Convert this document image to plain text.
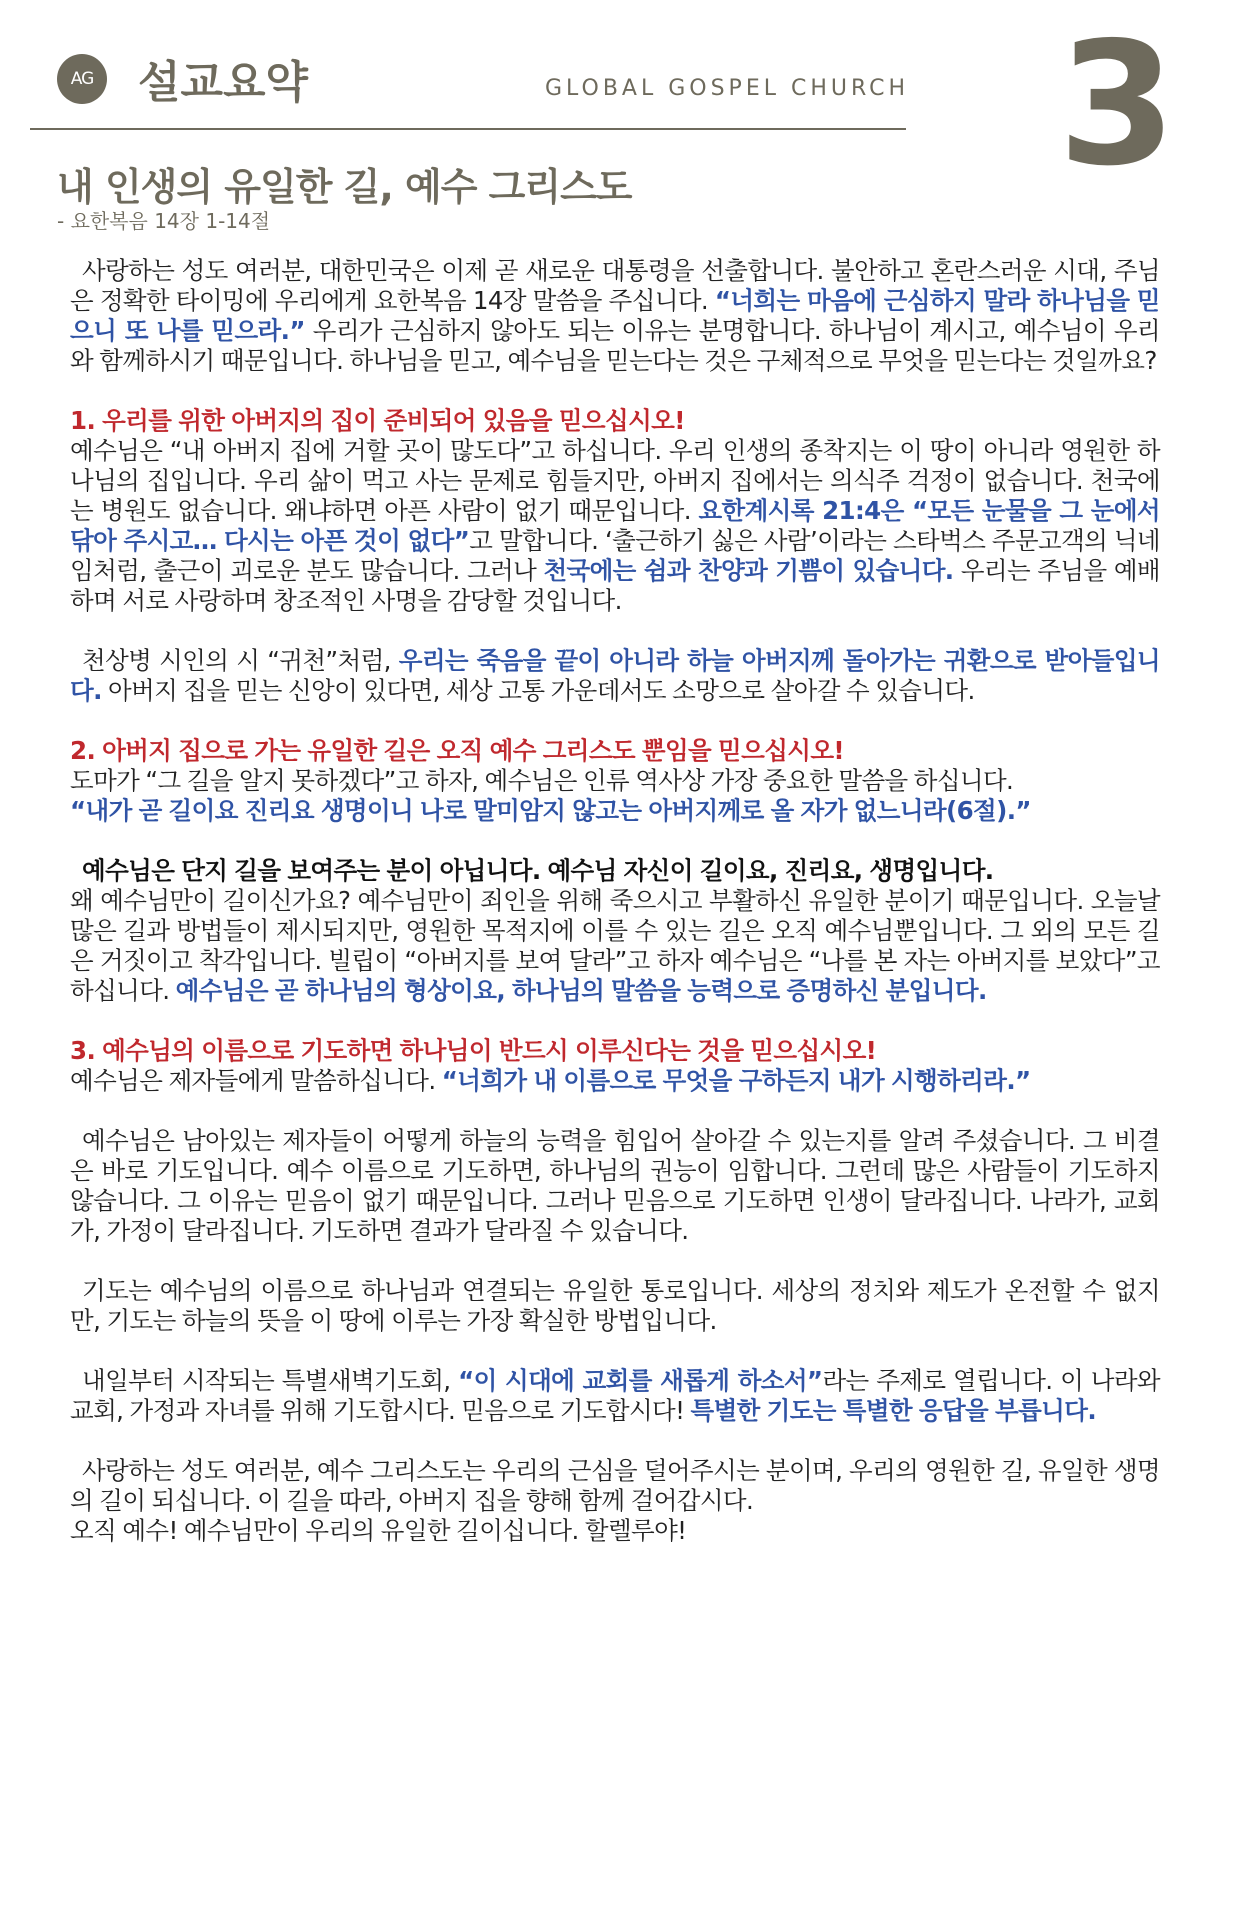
AG	설교요약	GLOBAL GOSPEL CHURCH 3
내 인생의 유일한 길, 예수 그리스도
- 요한복음 14장 1-14절

사랑하는 성도 여러분, 대한민국은 이제 곧 새로운 대통령을 선출합니다. 불안하고 혼란스러운 시대, 주님은 정확한 타이밍에 우리에게 요한복음 14장 말씀을 주십니다. “너희는 마음에 근심하지 말라 하나님을 믿으니 또 나를 믿으라.” 우리가 근심하지 않아도 되는 이유는 분명합니다. 하나님이 계시고, 예수님이 우리와 함께하시기 때문입니다. 하나님을 믿고, 예수님을 믿는다는 것은 구체적으로 무엇을 믿는다는 것일까요?

1. 우리를 위한 아버지의 집이 준비되어 있음을 믿으십시오!

예수님은 “내 아버지 집에 거할 곳이 많도다”고 하십니다. 우리 인생의 종착지는 이 땅이 아니라 영원한 하나님의 집입니다. 우리 삶이 먹고 사는 문제로 힘들지만, 아버지 집에서는 의식주 걱정이 없습니다. 천국에는 병원도 없습니다. 왜냐하면 아픈 사람이 없기 때문입니다. 요한계시록 21:4은 “모든 눈물을 그 눈에서 닦아 주시고… 다시는 아픈 것이 없다”고 말합니다. ‘출근하기 싫은 사람’이라는 스타벅스 주문고객의 닉네임처럼, 출근이 괴로운 분도 많습니다. 그러나 천국에는 쉼과 찬양과 기쁨이 있습니다. 우리는 주님을 예배하며 서로 사랑하며 창조적인 사명을 감당할 것입니다.

천상병 시인의 시 “귀천”처럼, 우리는 죽음을 끝이 아니라 하늘 아버지께 돌아가는 귀환으로 받아들입니다. 아버지 집을 믿는 신앙이 있다면, 세상 고통 가운데서도 소망으로 살아갈 수 있습니다.

2. 아버지 집으로 가는 유일한 길은 오직 예수 그리스도 뿐임을 믿으십시오!

도마가 “그 길을 알지 못하겠다”고 하자, 예수님은 인류 역사상 가장 중요한 말씀을 하십니다.

“내가 곧 길이요 진리요 생명이니 나로 말미암지 않고는 아버지께로 올 자가 없느니라(6절).”

예수님은 단지 길을 보여주는 분이 아닙니다. 예수님 자신이 길이요, 진리요, 생명입니다.

왜 예수님만이 길이신가요? 예수님만이 죄인을 위해 죽으시고 부활하신 유일한 분이기 때문입니다. 오늘날 많은 길과 방법들이 제시되지만, 영원한 목적지에 이를 수 있는 길은 오직 예수님뿐입니다. 그 외의 모든 길은 거짓이고 착각입니다. 빌립이 “아버지를 보여 달라”고 하자 예수님은 “나를 본 자는 아버지를 보았다”고 하십니다. 예수님은 곧 하나님의 형상이요, 하나님의 말씀을 능력으로 증명하신 분입니다.

3. 예수님의 이름으로 기도하면 하나님이 반드시 이루신다는 것을 믿으십시오!

예수님은 제자들에게 말씀하십니다. “너희가 내 이름으로 무엇을 구하든지 내가 시행하리라.”

예수님은 남아있는 제자들이 어떻게 하늘의 능력을 힘입어 살아갈 수 있는지를 알려 주셨습니다. 그 비결은 바로 기도입니다. 예수 이름으로 기도하면, 하나님의 권능이 임합니다. 그런데 많은 사람들이 기도하지 않습니다. 그 이유는 믿음이 없기 때문입니다. 그러나 믿음으로 기도하면 인생이 달라집니다. 나라가, 교회가, 가정이 달라집니다. 기도하면 결과가 달라질 수 있습니다.

기도는 예수님의 이름으로 하나님과 연결되는 유일한 통로입니다. 세상의 정치와 제도가 온전할 수 없지만, 기도는 하늘의 뜻을 이 땅에 이루는 가장 확실한 방법입니다.

내일부터 시작되는 특별새벽기도회, “이 시대에 교회를 새롭게 하소서”라는 주제로 열립니다. 이 나라와 교회, 가정과 자녀를 위해 기도합시다. 믿음으로 기도합시다! 특별한 기도는 특별한 응답을 부릅니다.

사랑하는 성도 여러분, 예수 그리스도는 우리의 근심을 덜어주시는 분이며, 우리의 영원한 길, 유일한 생명의 길이 되십니다. 이 길을 따라, 아버지 집을 향해 함께 걸어갑시다.

오직 예수! 예수님만이 우리의 유일한 길이십니다. 할렐루야!
